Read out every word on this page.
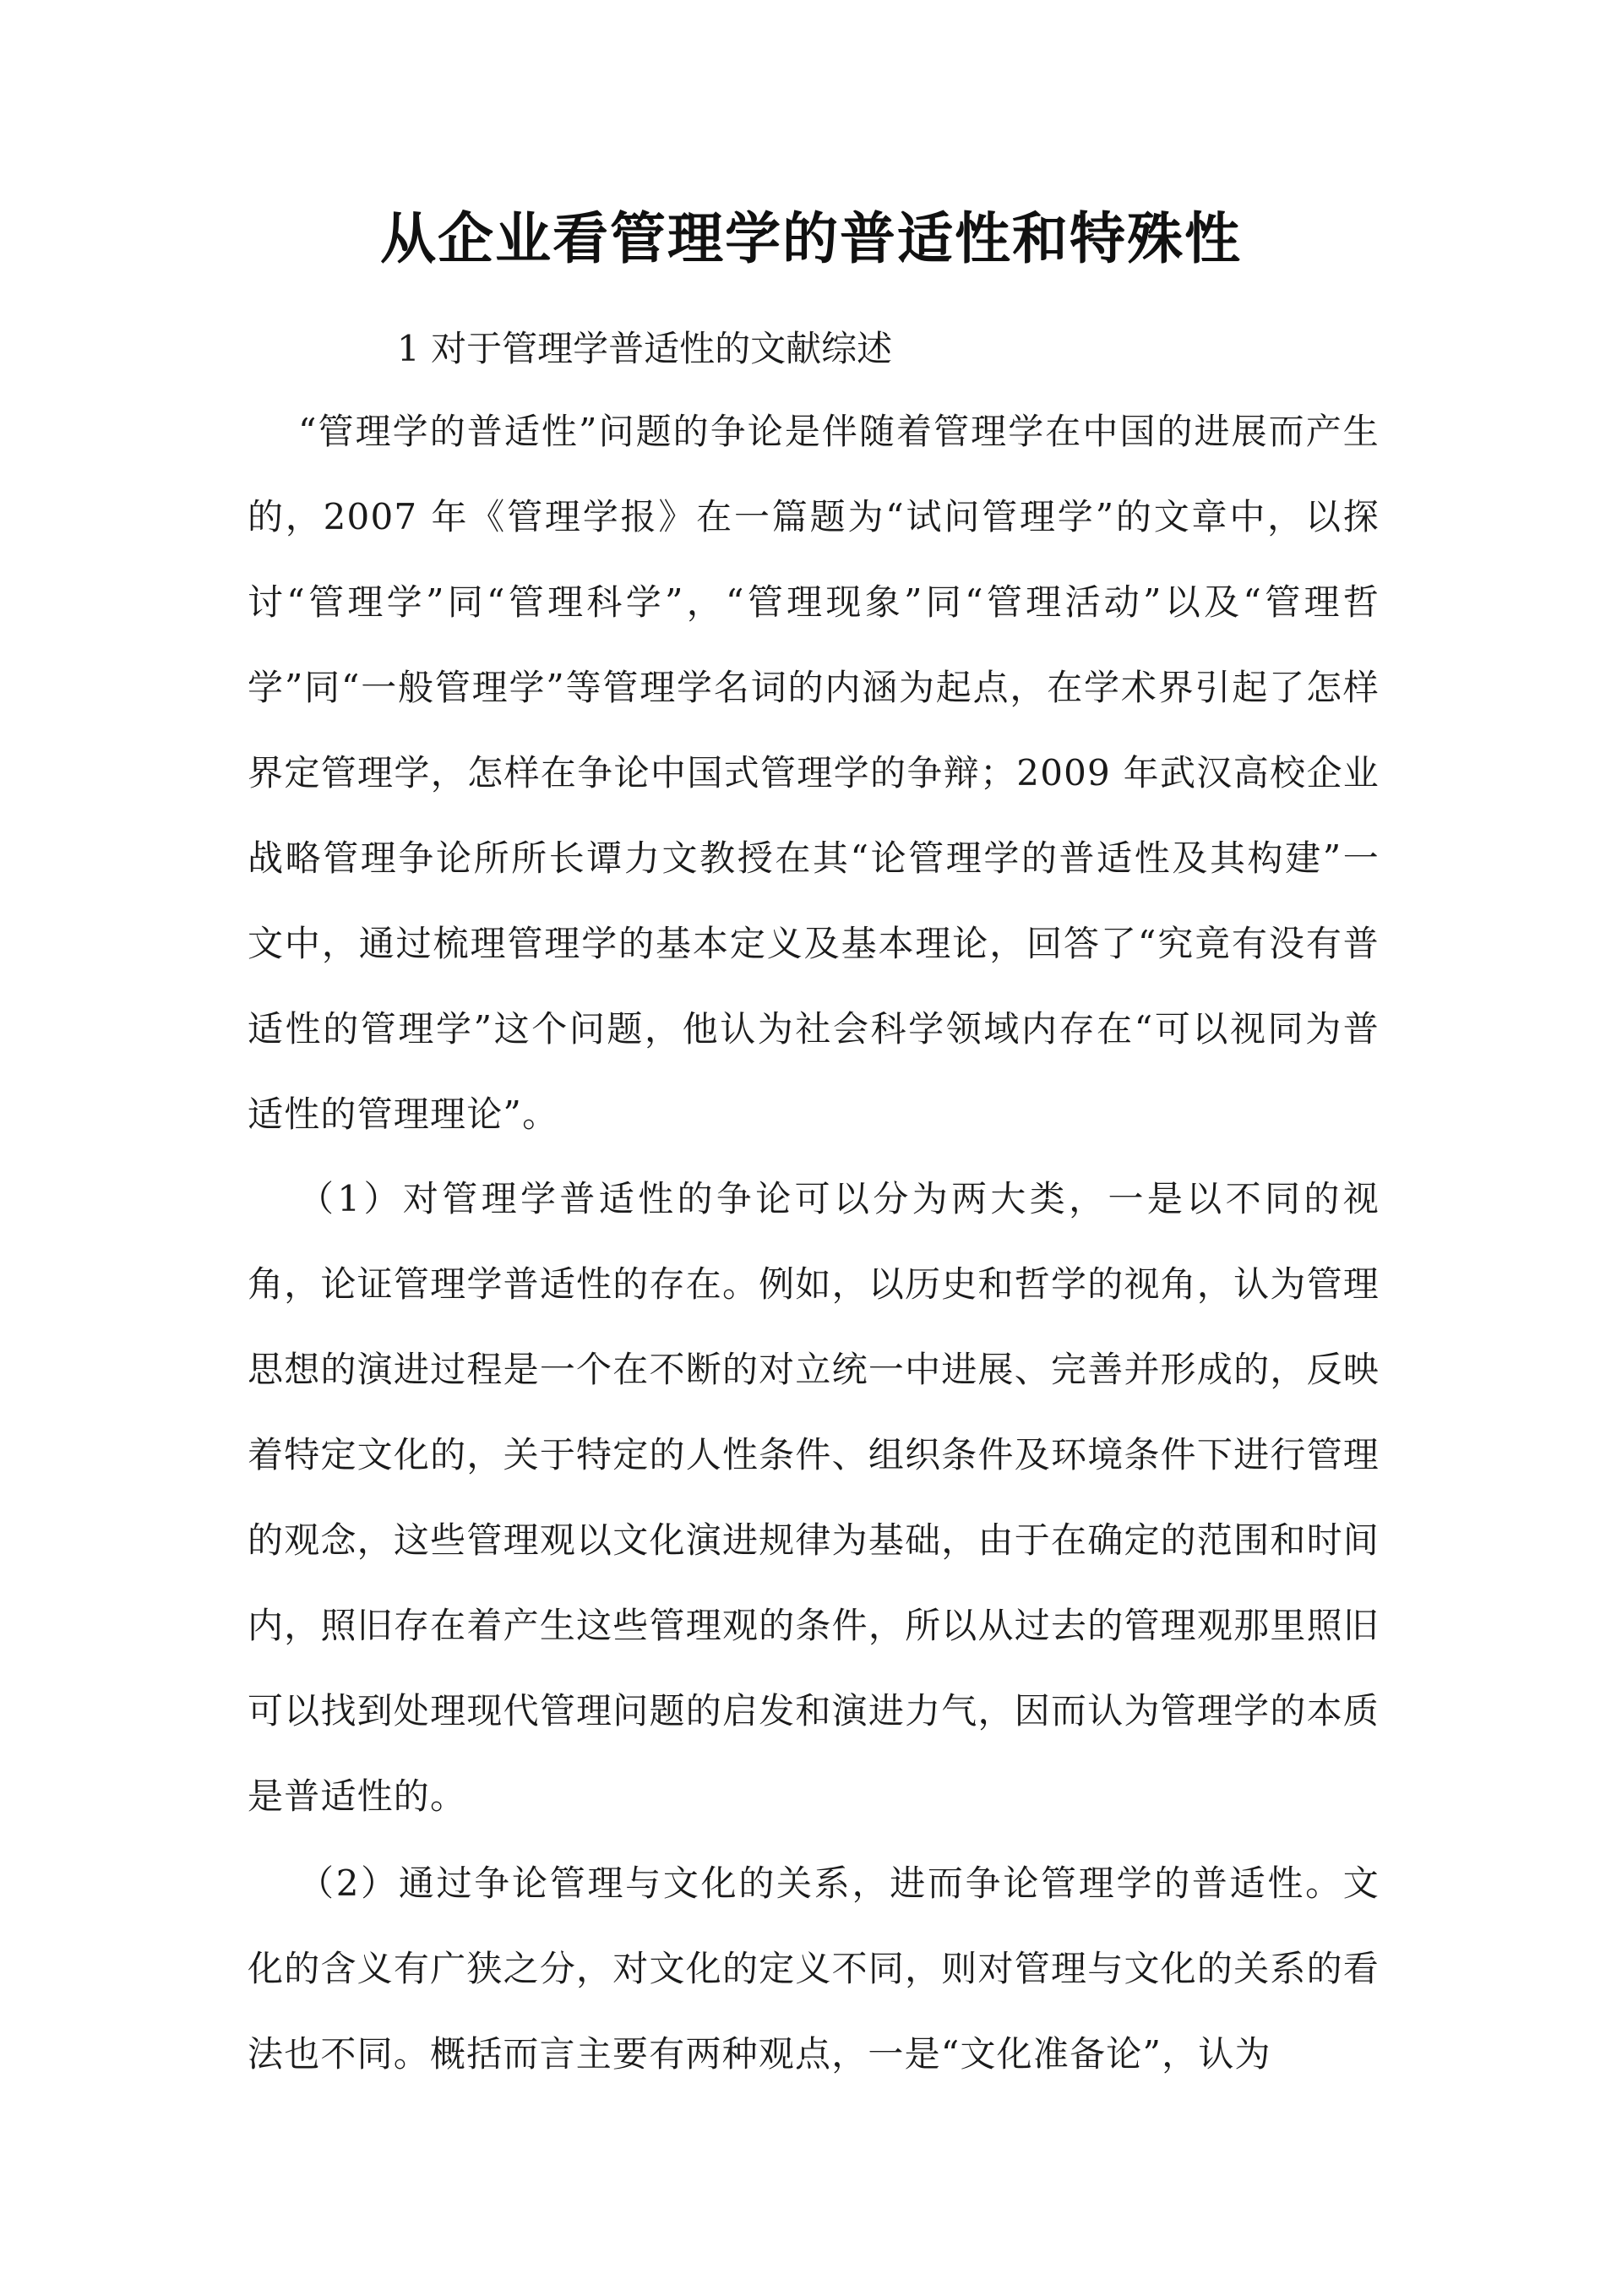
从企业看管理学的普适性和特殊性

1 对于管理学普适性的文献综述

“管理学的普适性”问题的争论是伴随着管理学在中国的进展而产生的，2007 年《管理学报》在一篇题为“试问管理学”的文章中，以探讨“管理学”同“管理科学”，“管理现象”同“管理活动”以及“管理哲学”同“一般管理学”等管理学名词的内涵为起点，在学术界引起了怎样界定管理学，怎样在争论中国式管理学的争辩；2009 年武汉高校企业战略管理争论所所长谭力文教授在其“论管理学的普适性及其构建”一文中，通过梳理管理学的基本定义及基本理论，回答了“究竟有没有普适性的管理学”这个问题，他认为社会科学领域内存在“可以视同为普适性的管理理论”。

（1）对管理学普适性的争论可以分为两大类，一是以不同的视角，论证管理学普适性的存在。例如，以历史和哲学的视角，认为管理思想的演进过程是一个在不断的对立统一中进展、完善并形成的，反映着特定文化的，关于特定的人性条件、组织条件及环境条件下进行管理的观念，这些管理观以文化演进规律为基础，由于在确定的范围和时间内，照旧存在着产生这些管理观的条件，所以从过去的管理观那里照旧可以找到处理现代管理问题的启发和演进力气，因而认为管理学的本质是普适性的。

（2）通过争论管理与文化的关系，进而争论管理学的普适性。文化的含义有广狭之分，对文化的定义不同，则对管理与文化的关系的看法也不同。概括而言主要有两种观点，一是“文化准备论”，认为
